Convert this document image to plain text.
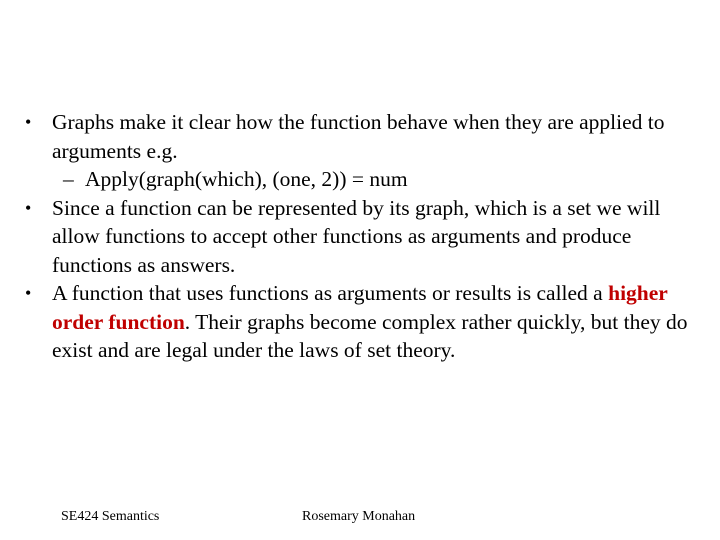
• Graphs make it clear how the function behave when they are applied to arguments e.g.

– Apply(graph(which), (one, 2)) = num

• Since a function can be represented by its graph, which is a set we will allow functions to accept other functions as arguments and produce functions as answers.

• A function that uses functions as arguments or results is called a higher order function. Their graphs become complex rather quickly, but they do exist and are legal under the laws of set theory.

SE424 Semantics	Rosemary Monahan
